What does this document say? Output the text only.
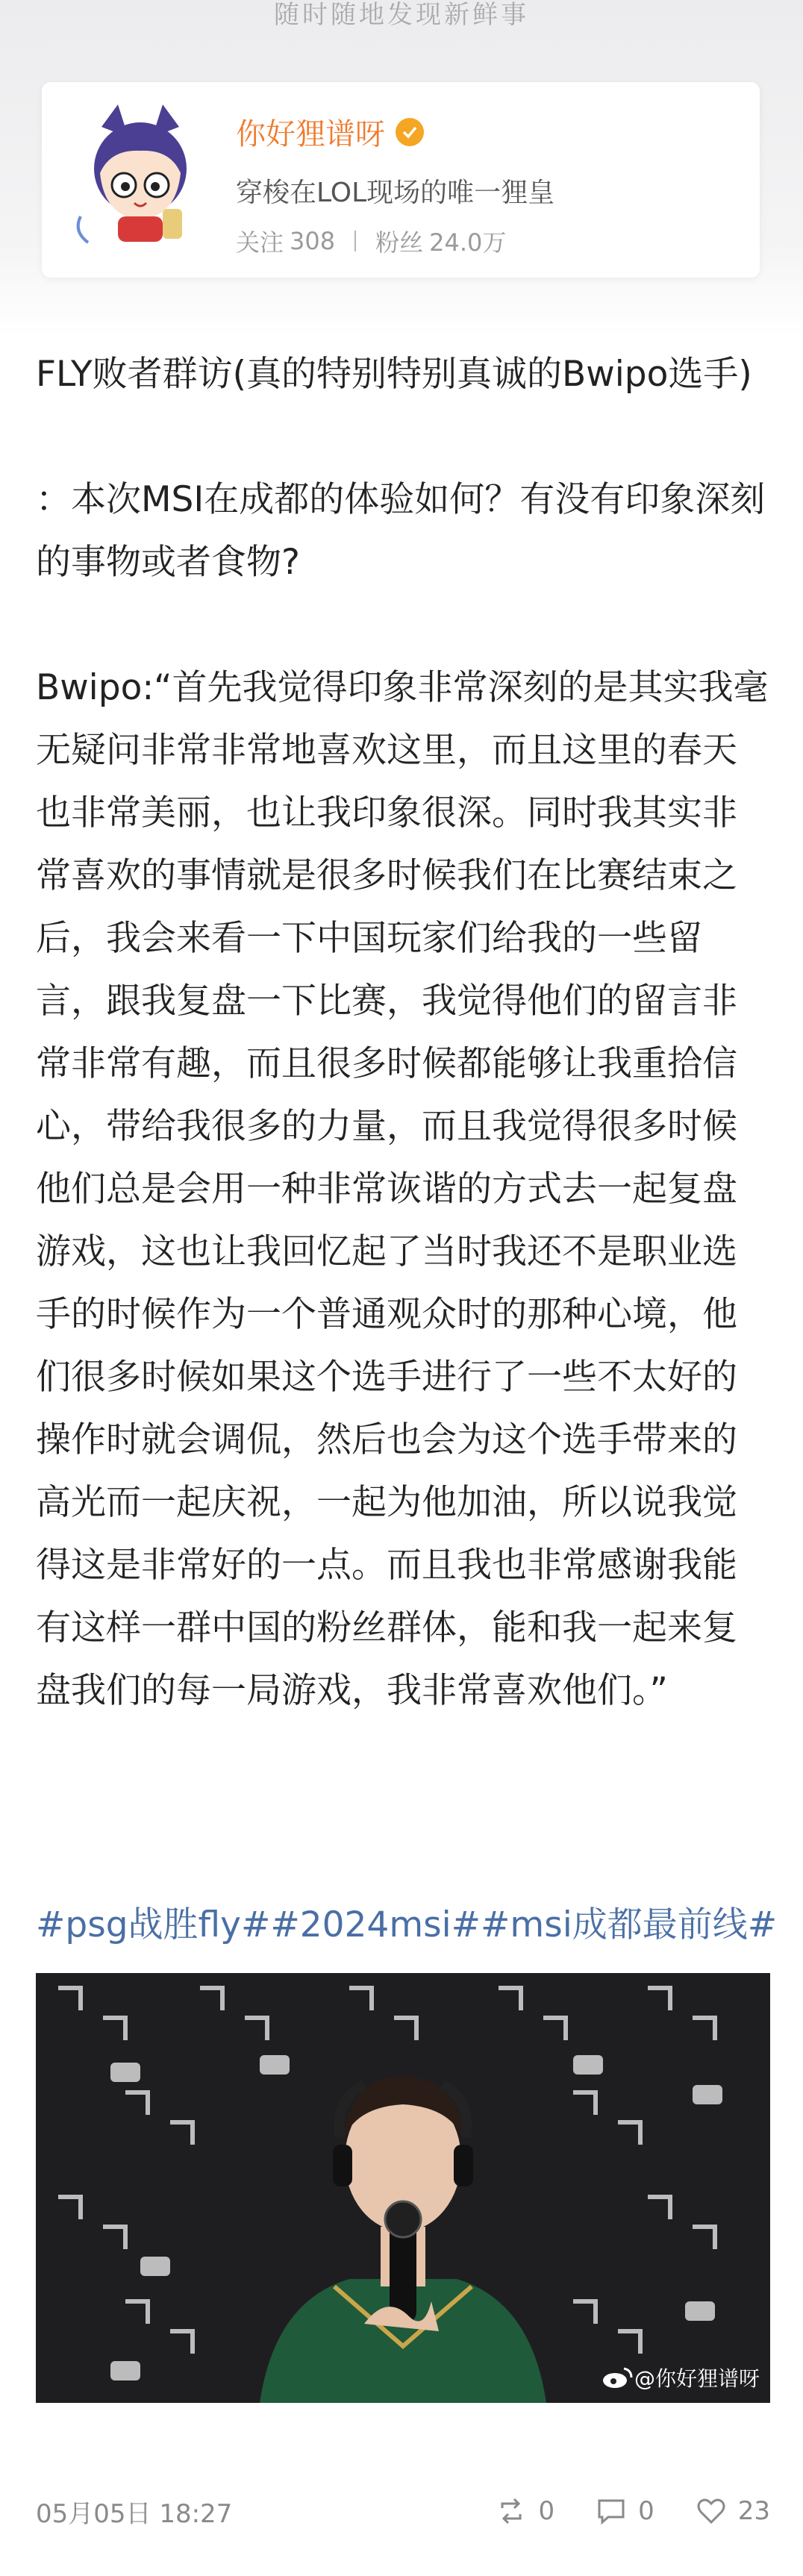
随时随地发现新鲜事
你好狸谱呀
穿梭在LOL现场的唯一狸皇
关注 308 粉丝 24.0万
FLY败者群访(真的特别特别真诚的Bwipo选手)

：本次MSI在成都的体验如何？有没有印象深刻的事物或者食物?

Bwipo:“首先我觉得印象非常深刻的是其实我毫无疑问非常非常地喜欢这里，而且这里的春天也非常美丽，也让我印象很深。同时我其实非常喜欢的事情就是很多时候我们在比赛结束之后，我会来看一下中国玩家们给我的一些留言，跟我复盘一下比赛，我觉得他们的留言非常非常有趣，而且很多时候都能够让我重拾信心，带给我很多的力量，而且我觉得很多时候他们总是会用一种非常诙谐的方式去一起复盘游戏，这也让我回忆起了当时我还不是职业选手的时候作为一个普通观众时的那种心境，他们很多时候如果这个选手进行了一些不太好的操作时就会调侃，然后也会为这个选手带来的高光而一起庆祝，一起为他加油，所以说我觉得这是非常好的一点。而且我也非常感谢我能有这样一群中国的粉丝群体，能和我一起来复盘我们的每一局游戏，我非常喜欢他们。”
#psg战胜fly##2024msi##msi成都最前线#
@你好狸谱呀
05月05日 18:27	0	0	23
